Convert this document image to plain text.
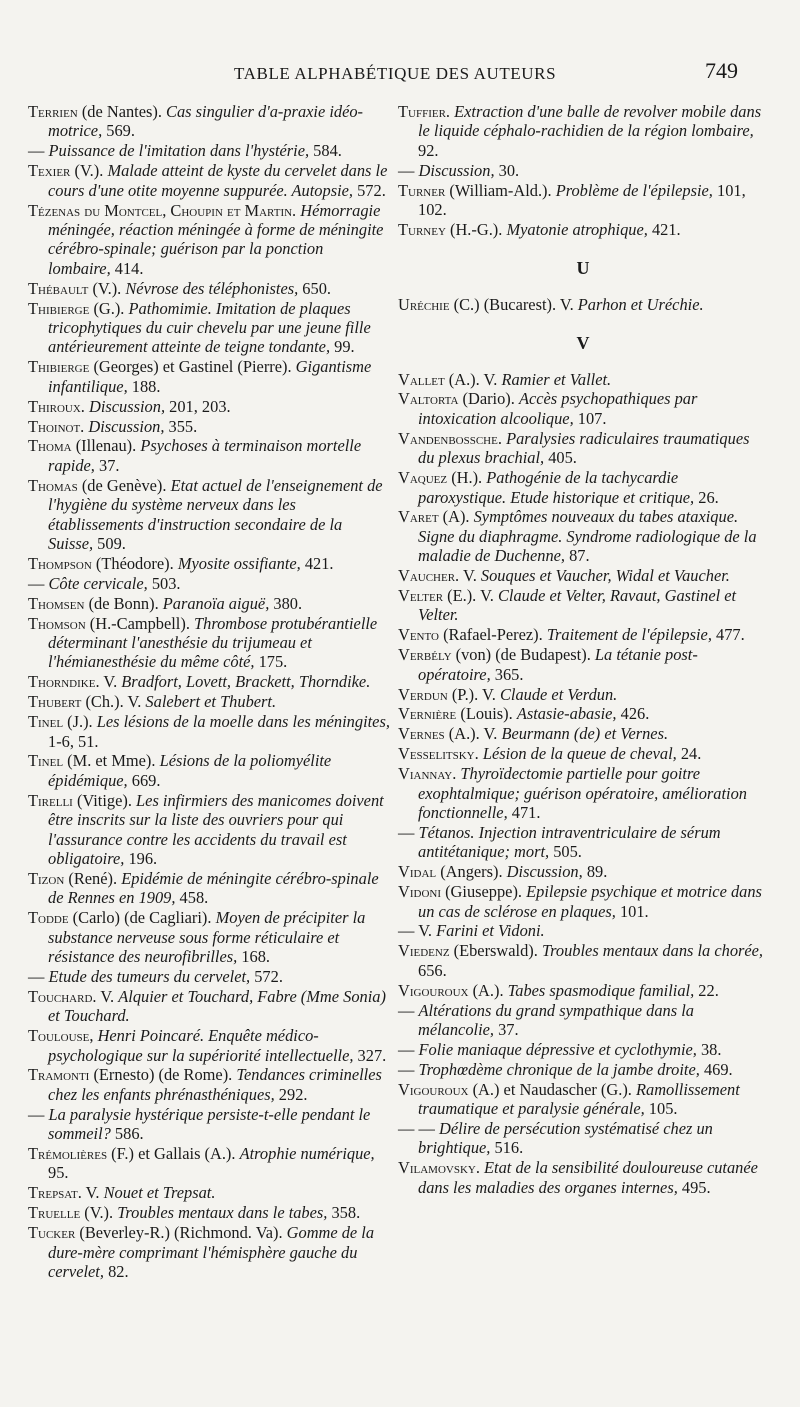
TABLE ALPHABÉTIQUE DES AUTEURS	749
Terrien (de Nantes). Cas singulier d'a-praxie idéo-motrice, 569.
— Puissance de l'imitation dans l'hystérie, 584.
Texier (V.). Malade atteint de kyste du cervelet dans le cours d'une otite moyenne suppurée. Autopsie, 572.
Tézenas du Montcel, Choupin et Martin. Hémorragie méningée, réaction méningée à forme de méningite cérébro-spinale; guérison par la ponction lombaire, 414.
Thébault (V.). Névrose des téléphonistes, 650.
Thibierge (G.). Pathomimie. Imitation de plaques tricophytiques du cuir chevelu par une jeune fille antérieurement atteinte de teigne tondante, 99.
Thibierge (Georges) et Gastinel (Pierre). Gigantisme infantilique, 188.
Thiroux. Discussion, 201, 203.
Thoinot. Discussion, 355.
Thoma (Illenau). Psychoses à terminaison mortelle rapide, 37.
Thomas (de Genève). Etat actuel de l'enseignement de l'hygiène du système nerveux dans les établissements d'instruction secondaire de la Suisse, 509.
Thompson (Théodore). Myosite ossifiante, 421.
— Côte cervicale, 503.
Thomsen (de Bonn). Paranoïa aiguë, 380.
Thomson (H.-Campbell). Thrombose protubérantielle déterminant l'anesthésie du trijumeau et l'hémianesthésie du même côté, 175.
Thorndike. V. Bradfort, Lovett, Brackett, Thorndike.
Thubert (Ch.). V. Salebert et Thubert.
Tinel (J.). Les lésions de la moelle dans les méningites, 1-6, 51.
Tinel (M. et Mme). Lésions de la poliomyélite épidémique, 669.
Tirelli (Vitige). Les infirmiers des manicomes doivent être inscrits sur la liste des ouvriers pour qui l'assurance contre les accidents du travail est obligatoire, 196.
Tizon (René). Epidémie de méningite cérébro-spinale de Rennes en 1909, 458.
Todde (Carlo) (de Cagliari). Moyen de précipiter la substance nerveuse sous forme réticulaire et résistance des neurofibrilles, 168.
— Etude des tumeurs du cervelet, 572.
Touchard. V. Alquier et Touchard, Fabre (Mme Sonia) et Touchard.
Toulouse, Henri Poincaré. Enquête médico-psychologique sur la supériorité intellectuelle, 327.
Tramonti (Ernesto) (de Rome). Tendances criminelles chez les enfants phrénasthéniques, 292.
— La paralysie hystérique persiste-t-elle pendant le sommeil? 586.
Trémolières (F.) et Gallais (A.). Atrophie numérique, 95.
Trepsat. V. Nouet et Trepsat.
Truelle (V.). Troubles mentaux dans le tabes, 358.
Tucker (Beverley-R.) (Richmond. Va). Gomme de la dure-mère comprimant l'hémisphère gauche du cervelet, 82.
Tuffier. Extraction d'une balle de revolver mobile dans le liquide céphalo-rachidien de la région lombaire, 92.
— Discussion, 30.
Turner (William-Ald.). Problème de l'épilepsie, 101, 102.
Turney (H.-G.). Myatonie atrophique, 421.
U
Uréchie (C.) (Bucarest). V. Parhon et Uréchie.
V
Vallet (A.). V. Ramier et Vallet.
Valtorta (Dario). Accès psychopathiques par intoxication alcoolique, 107.
Vandenbossche. Paralysies radiculaires traumatiques du plexus brachial, 405.
Vaquez (H.). Pathogénie de la tachycardie paroxystique. Etude historique et critique, 26.
Varet (A). Symptômes nouveaux du tabes ataxique. Signe du diaphragme. Syndrome radiologique de la maladie de Duchenne, 87.
Vaucher. V. Souques et Vaucher, Widal et Vaucher.
Velter (E.). V. Claude et Velter, Ravaut, Gastinel et Velter.
Vento (Rafael-Perez). Traitement de l'épilepsie, 477.
Verbély (von) (de Budapest). La tétanie post-opératoire, 365.
Verdun (P.). V. Claude et Verdun.
Vernière (Louis). Astasie-abasie, 426.
Vernes (A.). V. Beurmann (de) et Vernes.
Vesselitsky. Lésion de la queue de cheval, 24.
Viannay. Thyroïdectomie partielle pour goitre exophtalmique; guérison opératoire, amélioration fonctionnelle, 471.
— Tétanos. Injection intraventriculaire de sérum antitétanique; mort, 505.
Vidal (Angers). Discussion, 89.
Vidoni (Giuseppe). Epilepsie psychique et motrice dans un cas de sclérose en plaques, 101.
— V. Farini et Vidoni.
Viedenz (Eberswald). Troubles mentaux dans la chorée, 656.
Vigouroux (A.). Tabes spasmodique familial, 22.
— Altérations du grand sympathique dans la mélancolie, 37.
— Folie maniaque dépressive et cyclothymie, 38.
— Trophœdème chronique de la jambe droite, 469.
Vigouroux (A.) et Naudascher (G.). Ramollissement traumatique et paralysie générale, 105.
— — Délire de persécution systématisé chez un brightique, 516.
Vilamovsky. Etat de la sensibilité douloureuse cutanée dans les maladies des organes internes, 495.
